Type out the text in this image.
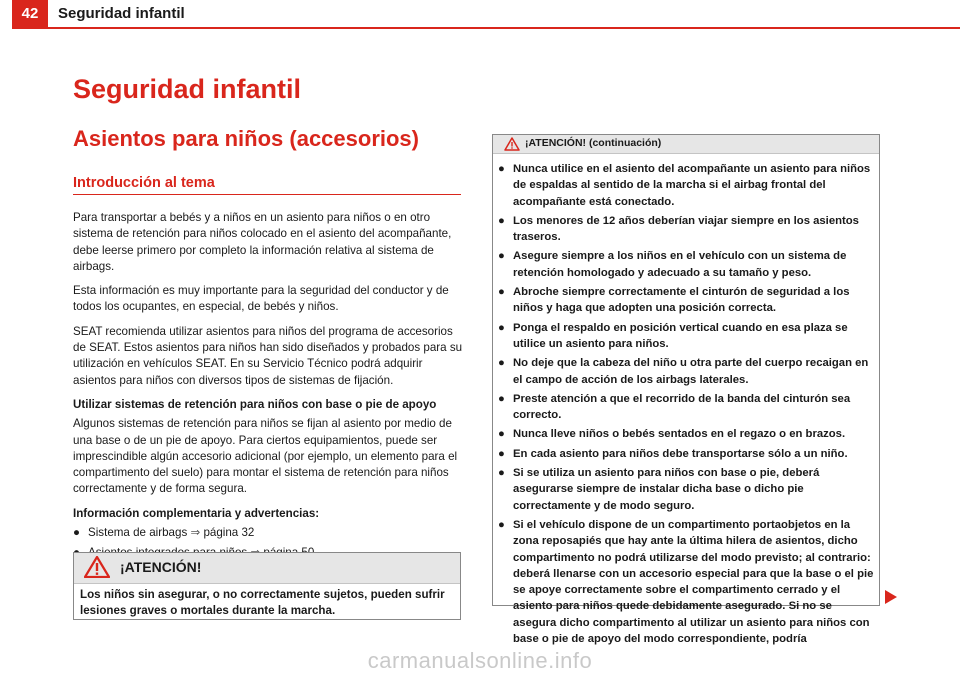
42	Seguridad infantil
Seguridad infantil
Asientos para niños (accesorios)
Introducción al tema

Para transportar a bebés y a niños en un asiento para niños o en otro sistema de retención para niños colocado en el asiento del acompañante, debe leerse primero por completo la información relativa al sistema de airbags.

Esta información es muy importante para la seguridad del conductor y de todos los ocupantes, en especial, de bebés y niños.

SEAT recomienda utilizar asientos para niños del programa de accesorios de SEAT. Estos asientos para niños han sido diseñados y probados para su utilización en vehículos SEAT. En su Servicio Técnico podrá adquirir asientos para niños con diversos tipos de sistemas de fijación.

Utilizar sistemas de retención para niños con base o pie de apoyo

Algunos sistemas de retención para niños se fijan al asiento por medio de una base o de un pie de apoyo. Para ciertos equipamientos, puede ser imprescindible algún accesorio adicional (por ejemplo, un elemento para el compartimento del suelo) para montar el sistema de retención para niños correctamente y de forma segura.

Información complementaria y advertencias:

● Sistema de airbags ⇒ página 32
¡ATENCIÓN!
Los niños sin asegurar, o no correctamente sujetos, pueden sufrir lesiones graves o mortales durante la marcha.
¡ATENCIÓN! (continuación)
● Nunca utilice en el asiento del acompañante un asiento para niños de espaldas al sentido de la marcha si el airbag frontal del acompañante está conectado.
● Los menores de 12 años deberían viajar siempre en los asientos traseros.
● Asegure siempre a los niños en el vehículo con un sistema de retención homologado y adecuado a su tamaño y peso.
● Abroche siempre correctamente el cinturón de seguridad a los niños y haga que adopten una posición correcta.
● Ponga el respaldo en posición vertical cuando en esa plaza se utilice un asiento para niños.
● No deje que la cabeza del niño u otra parte del cuerpo recaigan en el campo de acción de los airbags laterales.
● Preste atención a que el recorrido de la banda del cinturón sea correcto.
● Nunca lleve niños o bebés sentados en el regazo o en brazos.
● En cada asiento para niños debe transportarse sólo a un niño.
● Si se utiliza un asiento para niños con base o pie, deberá asegurarse siempre de instalar dicha base o dicho pie correctamente y de modo seguro.
● Si el vehículo dispone de un compartimento portaobjetos en la zona reposapiés que hay ante la última hilera de asientos, dicho compartimento no podrá utilizarse del modo previsto; al contrario: deberá llenarse con un accesorio especial para que la base o el pie se apoye correctamente sobre el compartimento cerrado y el asiento para niños quede debidamente asegurado. Si no se asegura dicho compartimento al utilizar un asiento para niños con base o pie de apoyo del modo correspondiente, podría
carmanualsonline.info
